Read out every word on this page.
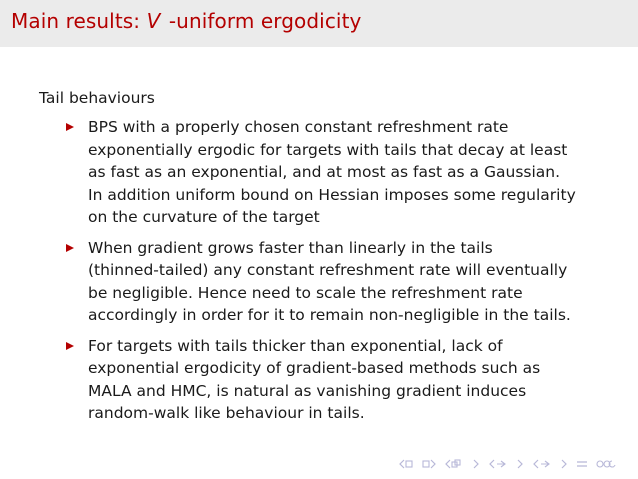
Main results: V -uniform ergodicity
Tail behaviours
BPS with a properly chosen constant refreshment rate
exponentially ergodic for targets with tails that decay at least
as fast as an exponential, and at most as fast as a Gaussian.
In addition uniform bound on Hessian imposes some regularity
on the curvature of the target
When gradient grows faster than linearly in the tails
(thinned-tailed) any constant refreshment rate will eventually
be negligible. Hence need to scale the refreshment rate
accordingly in order for it to remain non-negligible in the tails.
For targets with tails thicker than exponential, lack of
exponential ergodicity of gradient-based methods such as
MALA and HMC, is natural as vanishing gradient induces
random-walk like behaviour in tails.
